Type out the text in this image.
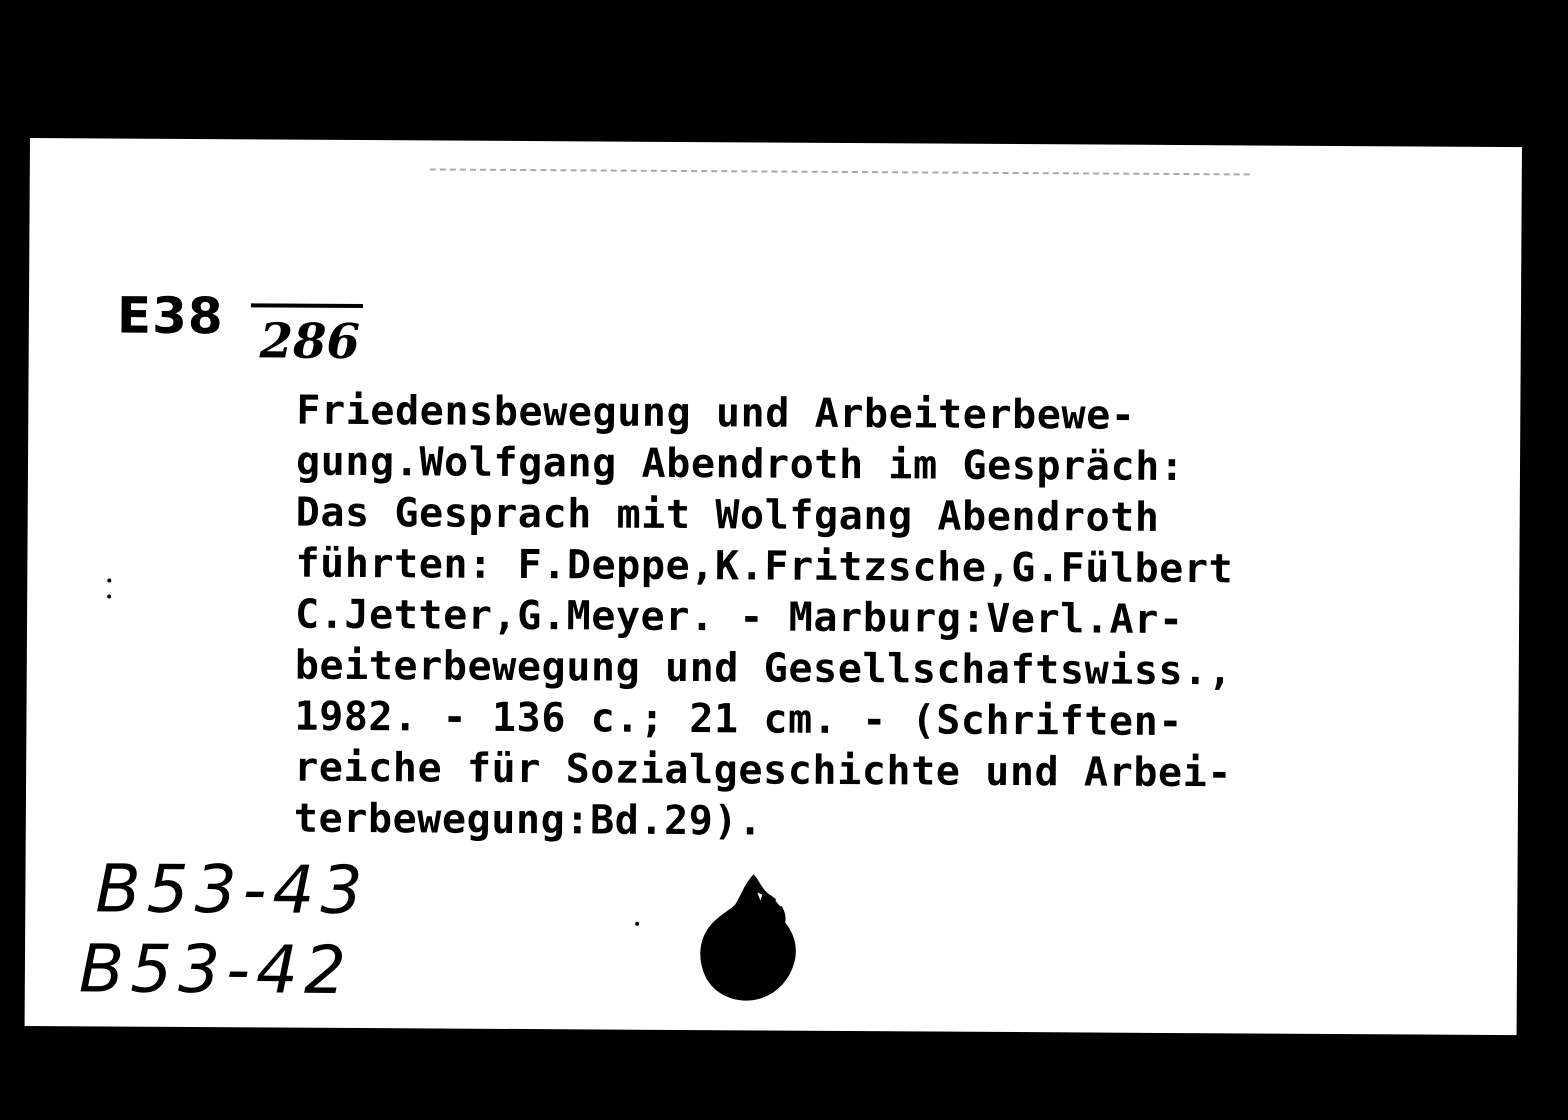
E38 286
Friedensbewegung und Arbeiterbewe-
gung.Wolfgang Abendroth im Gespräch:
Das Gesprach mit Wolfgang Abendroth
führten: F.Deppe,K.Fritzsche,G.Fülbert
C.Jetter,G.Meyer. - Marburg:Verl.Ar-
beiterbewegung und Gesellschaftswiss.,
1982. - 136 c.; 21 cm. - (Schriften-
reiche für Sozialgeschichte und Arbei-
terbewegung:Bd.29).
B53-43
B53-42
